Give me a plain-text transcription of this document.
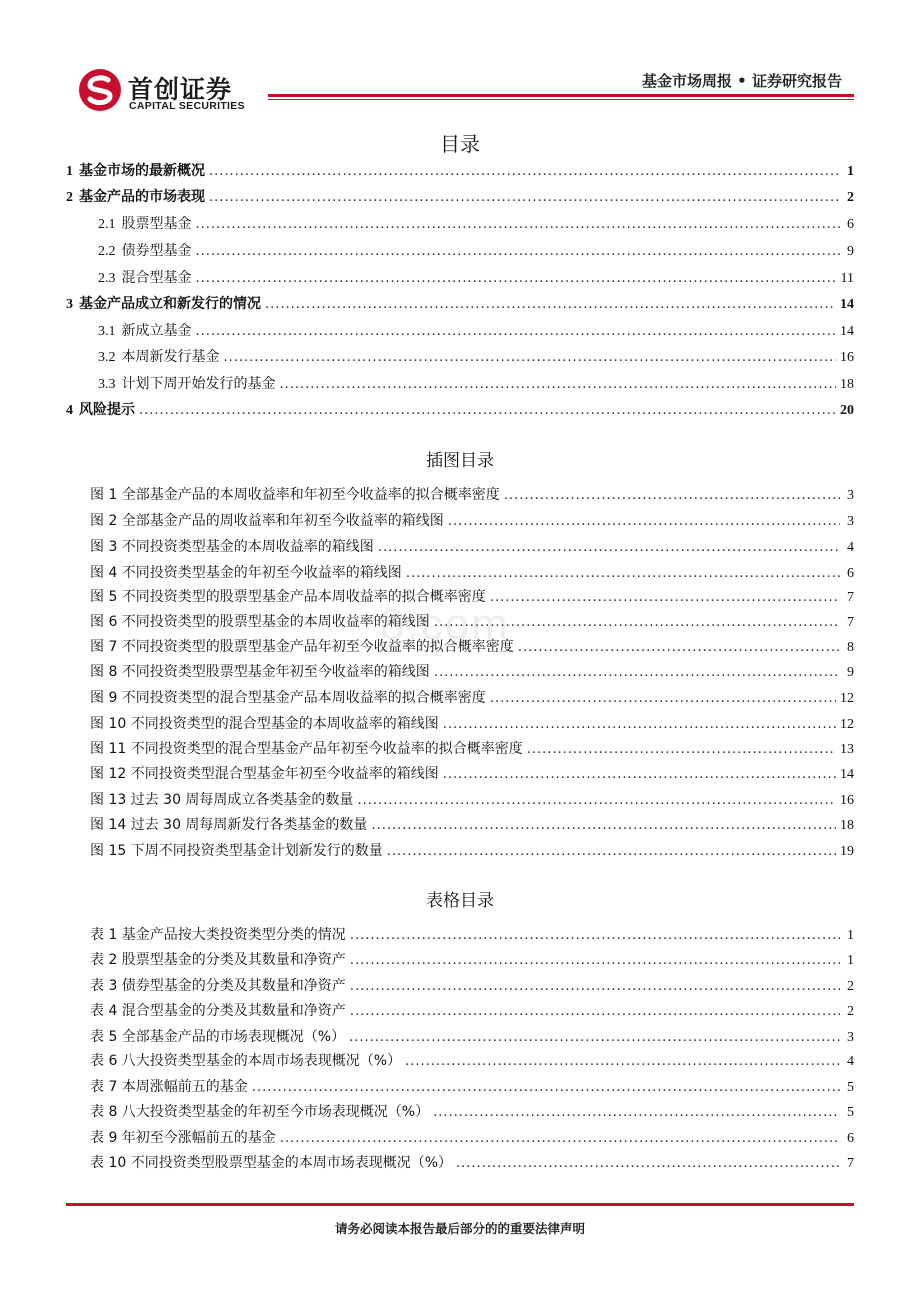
首创证券
CAPITAL SECURITIES
基金市场周报 • 证券研究报告
目录
1 基金市场的最新概况 .....	1
2 基金产品的市场表现 .....	2
2.1 股票型基金 .....	6
2.2 债券型基金 .....	9
2.3 混合型基金 .....	11
3 基金产品成立和新发行的情况 .....	14
3.1 新成立基金 .....	14
3.2 本周新发行基金 .....	16
3.3 计划下周开始发行的基金 .....	18
4 风险提示 .....	20
插图目录
图 1 全部基金产品的本周收益率和年初至今收益率的拟合概率密度 .....	3
图 2 全部基金产品的周收益率和年初至今收益率的箱线图 .....	3
图 3 不同投资类型基金的本周收益率的箱线图 .....	4
图 4 不同投资类型基金的年初至今收益率的箱线图 .....	6
图 5 不同投资类型的股票型基金产品本周收益率的拟合概率密度 .....	7
图 6 不同投资类型的股票型基金的本周收益率的箱线图 .....	7
图 7 不同投资类型的股票型基金产品年初至今收益率的拟合概率密度 .....	8
图 8 不同投资类型股票型基金年初至今收益率的箱线图 .....	9
图 9 不同投资类型的混合型基金产品本周收益率的拟合概率密度 .....	12
图 10 不同投资类型的混合型基金的本周收益率的箱线图 .....	12
图 11 不同投资类型的混合型基金产品年初至今收益率的拟合概率密度 .....	13
图 12 不同投资类型混合型基金年初至今收益率的箱线图 .....	14
图 13 过去 30 周每周成立各类基金的数量 .....	16
图 14 过去 30 周每周新发行各类基金的数量 .....	18
图 15 下周不同投资类型基金计划新发行的数量 .....	19
表格目录
表 1 基金产品按大类投资类型分类的情况 .....	1
表 2 股票型基金的分类及其数量和净资产 .....	1
表 3 债券型基金的分类及其数量和净资产 .....	2
表 4 混合型基金的分类及其数量和净资产 .....	2
表 5 全部基金产品的市场表现概况（%） .....	3
表 6 八大投资类型基金的本周市场表现概况（%） .....	4
表 7 本周涨幅前五的基金 .....	5
表 8 八大投资类型基金的年初至今市场表现概况（%） .....	5
表 9 年初至今涨幅前五的基金 .....	6
表 10 不同投资类型股票型基金的本周市场表现概况（%） .....	7
8.com
请务必阅读本报告最后部分的的重要法律声明
